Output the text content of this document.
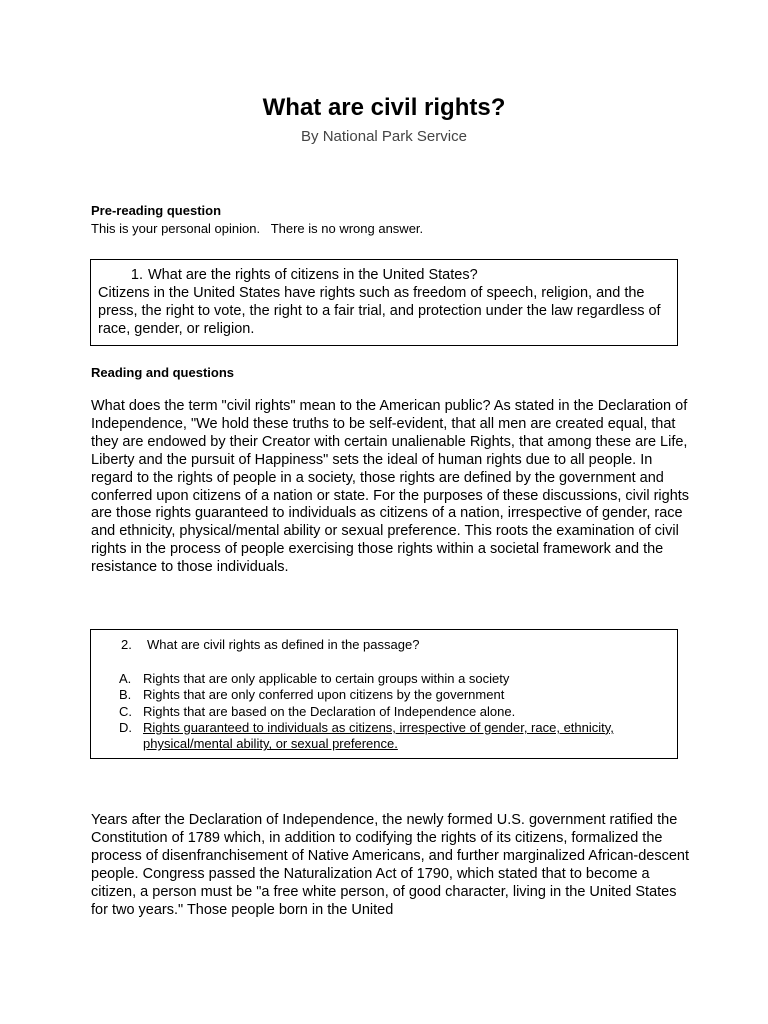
What are civil rights?
By National Park Service
Pre-reading question
This is your personal opinion.   There is no wrong answer.
1. What are the rights of citizens in the United States?
Citizens in the United States have rights such as freedom of speech, religion, and the press, the right to vote, the right to a fair trial, and protection under the law regardless of race, gender, or religion.
Reading and questions
What does the term "civil rights" mean to the American public? As stated in the Declaration of Independence, "We hold these truths to be self-evident, that all men are created equal, that they are endowed by their Creator with certain unalienable Rights, that among these are Life, Liberty and the pursuit of Happiness" sets the ideal of human rights due to all people. In regard to the rights of people in a society, those rights are defined by the government and conferred upon citizens of a nation or state. For the purposes of these discussions, civil rights are those rights guaranteed to individuals as citizens of a nation, irrespective of gender, race and ethnicity, physical/mental ability or sexual preference. This roots the examination of civil rights in the process of people exercising those rights within a societal framework and the resistance to those individuals.
2. What are civil rights as defined in the passage?
A. Rights that are only applicable to certain groups within a society
B. Rights that are only conferred upon citizens by the government
C. Rights that are based on the Declaration of Independence alone.
D. Rights guaranteed to individuals as citizens, irrespective of gender, race, ethnicity, physical/mental ability, or sexual preference.
Years after the Declaration of Independence, the newly formed U.S. government ratified the Constitution of 1789 which, in addition to codifying the rights of its citizens, formalized the process of disenfranchisement of Native Americans, and further marginalized African-descent people. Congress passed the Naturalization Act of 1790, which stated that to become a citizen, a person must be "a free white person, of good character, living in the United States for two years." Those people born in the United
